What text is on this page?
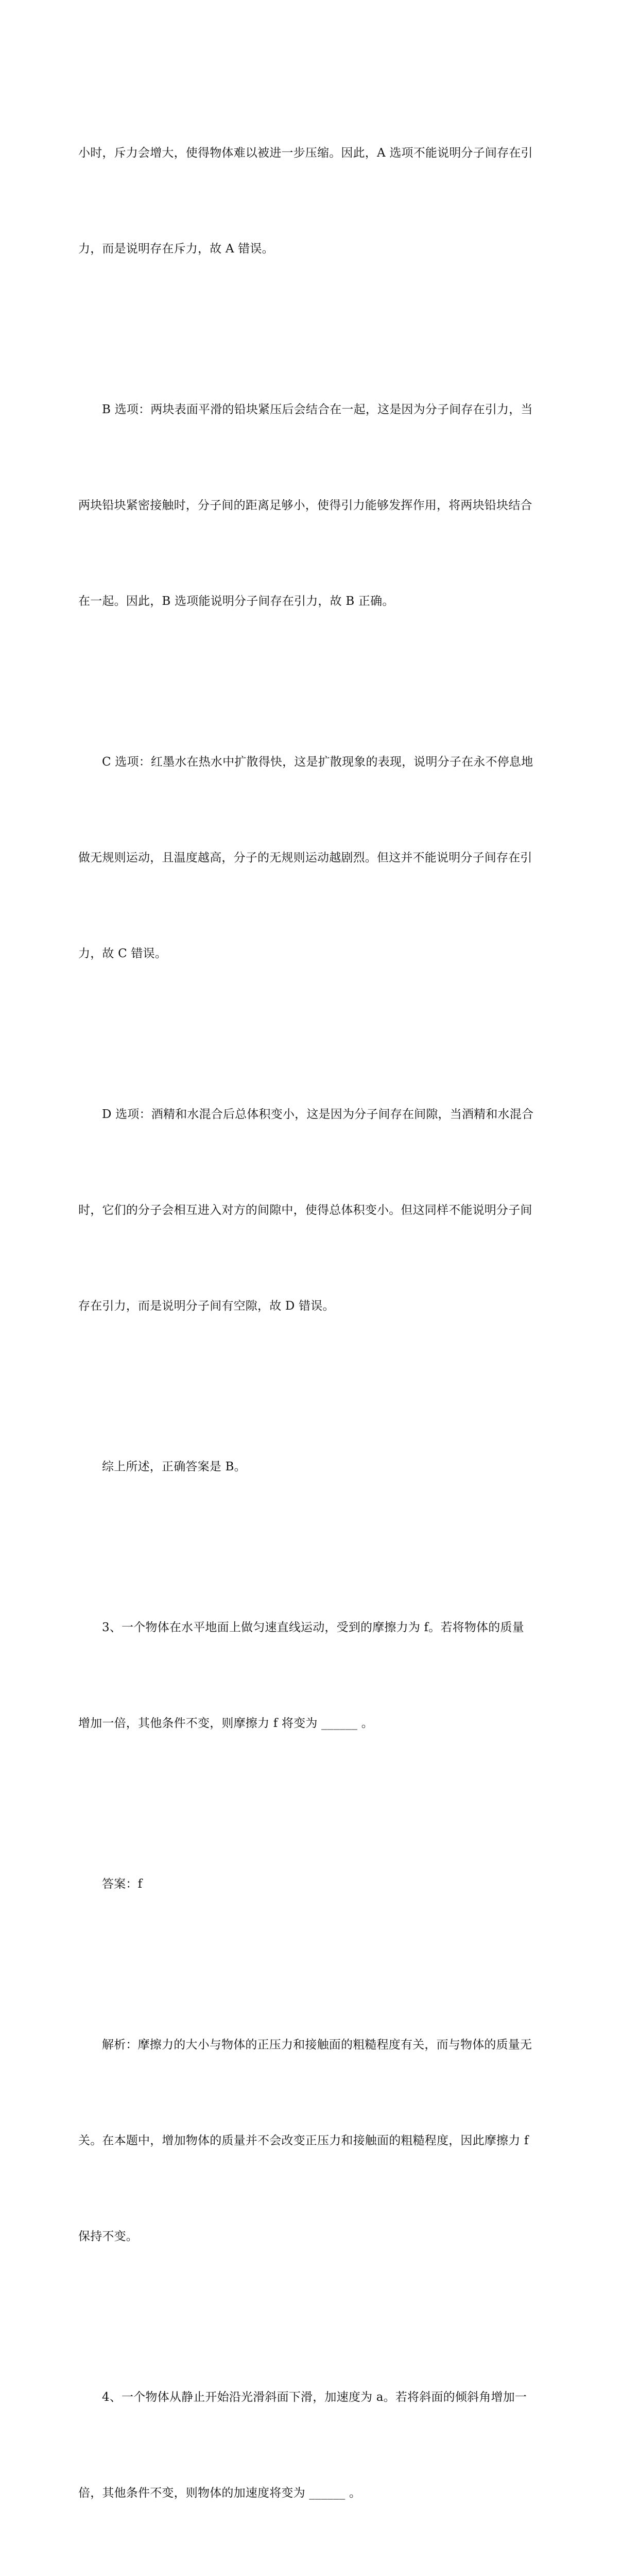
小时，斥力会增大，使得物体难以被进一步压缩。因此，A 选项不能说明分子间存在引

力，而是说明存在斥力，故 A 错误。

B 选项：两块表面平滑的铅块紧压后会结合在一起，这是因为分子间存在引力，当

两块铅块紧密接触时，分子间的距离足够小，使得引力能够发挥作用，将两块铅块结合

在一起。因此，B 选项能说明分子间存在引力，故 B 正确。

C 选项：红墨水在热水中扩散得快，这是扩散现象的表现，说明分子在永不停息地

做无规则运动，且温度越高，分子的无规则运动越剧烈。但这并不能说明分子间存在引

力，故 C 错误。

D 选项：酒精和水混合后总体积变小，这是因为分子间存在间隙，当酒精和水混合

时，它们的分子会相互进入对方的间隙中，使得总体积变小。但这同样不能说明分子间

存在引力，而是说明分子间有空隙，故 D 错误。

综上所述，正确答案是 B。

3、一个物体在水平地面上做匀速直线运动，受到的摩擦力为 f。若将物体的质量

增加一倍，其他条件不变，则摩擦力 f 将变为 ______ 。

答案：f

解析：摩擦力的大小与物体的正压力和接触面的粗糙程度有关，而与物体的质量无

关。在本题中，增加物体的质量并不会改变正压力和接触面的粗糙程度，因此摩擦力 f

保持不变。

4、一个物体从静止开始沿光滑斜面下滑，加速度为 a。若将斜面的倾斜角增加一

倍，其他条件不变，则物体的加速度将变为 ______ 。
